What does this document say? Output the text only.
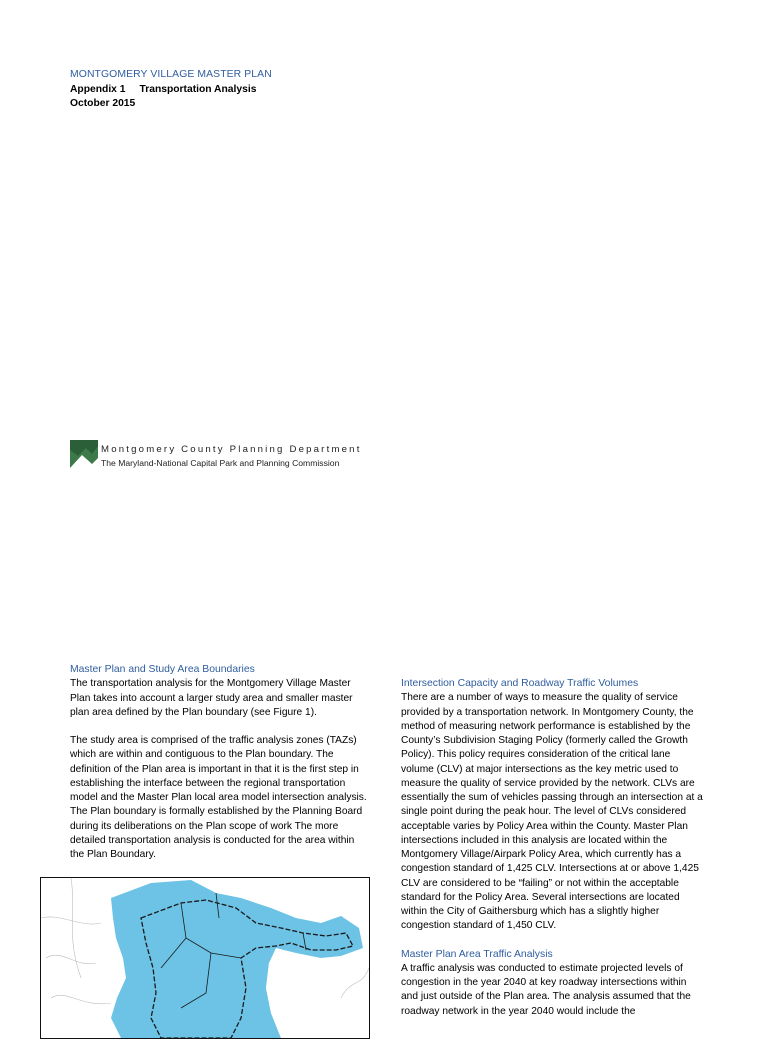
MONTGOMERY VILLAGE MASTER PLAN
Appendix 1 Transportation Analysis
October 2015
Montgomery County Planning Department
The Maryland-National Capital Park and Planning Commission
Master Plan and Study Area Boundaries

The transportation analysis for the Montgomery Village Master Plan takes into account a larger study area and smaller master plan area defined by the Plan boundary (see Figure 1).

The study area is comprised of the traffic analysis zones (TAZs) which are within and contiguous to the Plan boundary. The definition of the Plan area is important in that it is the first step in establishing the interface between the regional transportation model and the Master Plan local area model intersection analysis. The Plan boundary is formally established by the Planning Board during its deliberations on the Plan scope of work The more detailed transportation analysis is conducted for the area within the Plan Boundary.

Intersection Capacity and Roadway Traffic Volumes

There are a number of ways to measure the quality of service provided by a transportation network. In Montgomery County, the method of measuring network performance is established by the County’s Subdivision Staging Policy (formerly called the Growth Policy). This policy requires consideration of the critical lane volume (CLV) at major intersections as the key metric used to measure the quality of service provided by the network. CLVs are essentially the sum of vehicles passing through an intersection at a single point during the peak hour. The level of CLVs considered acceptable varies by Policy Area within the County. Master Plan intersections included in this analysis are located within the Montgomery Village/Airpark Policy Area, which currently has a congestion standard of 1,425 CLV. Intersections at or above 1,425 CLV are considered to be “failing” or not within the acceptable standard for the Policy Area. Several intersections are located within the City of Gaithersburg which has a slightly higher congestion standard of 1,450 CLV.

Master Plan Area Traffic Analysis

A traffic analysis was conducted to estimate projected levels of congestion in the year 2040 at key roadway intersections within and just outside of the Plan area. The analysis assumed that the roadway network in the year 2040 would include the
